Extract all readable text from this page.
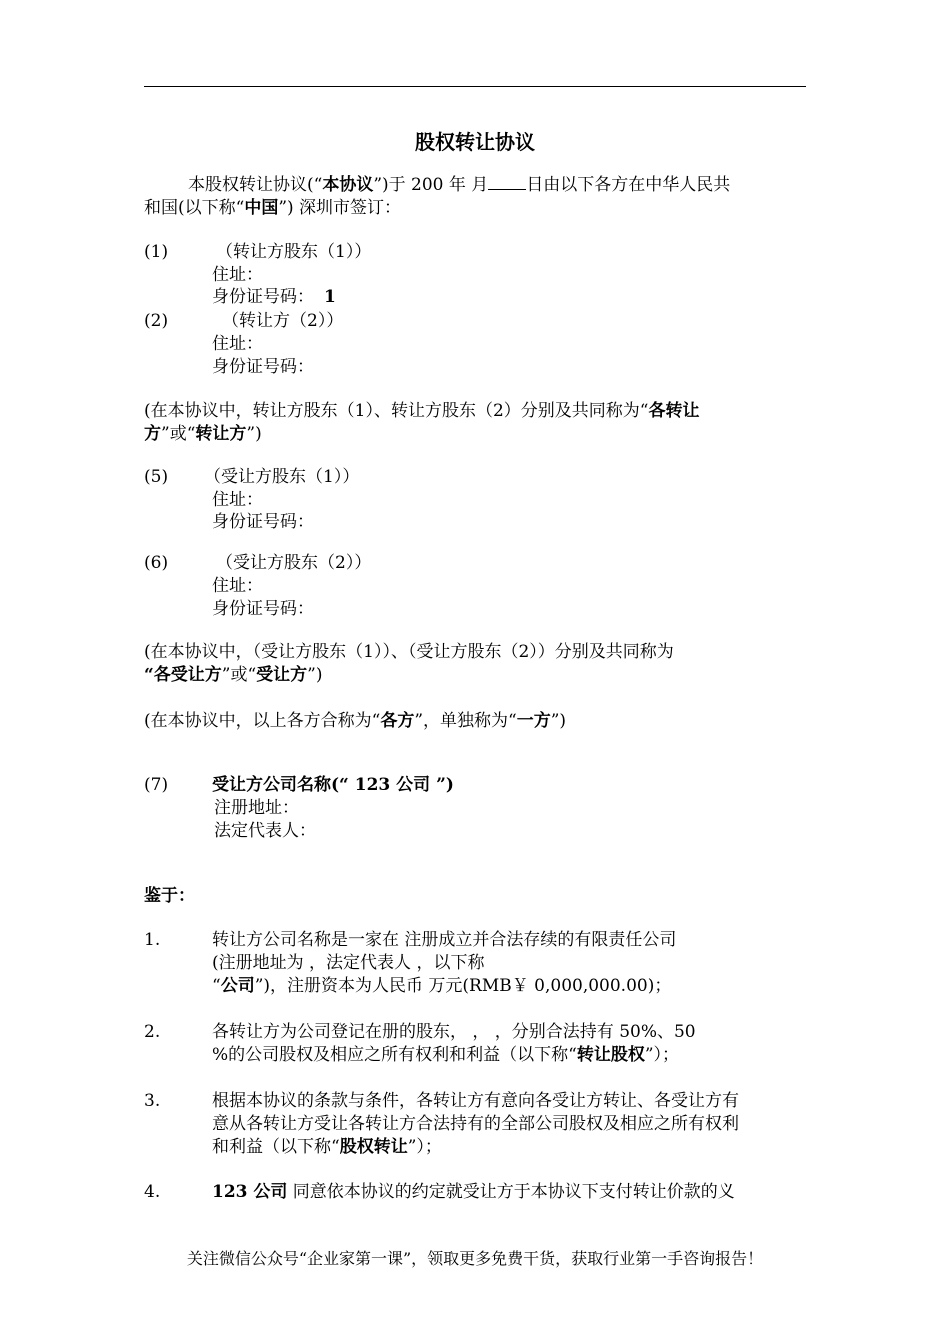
股权转让协议
本股权转让协议(“本协议”)于 200 年 月 日由以下各方在中华人民共
和国(以下称“中国”) 深圳市签订：
(1)	（转让方股东（1））
住址：
身份证号码： 1
(2)	（转让方（2））
住址：
身份证号码：
(在本协议中，转让方股东（1）、转让方股东（2）分别及共同称为“各转让
方”或“转让方”)
(5) （受让方股东（1））
住址：
身份证号码：
(6)	（受让方股东（2））
住址：
身份证号码：
(在本协议中，（受让方股东（1））、（受让方股东（2））分别及共同称为
“各受让方”或“受让方”)
(在本协议中，以上各方合称为“各方”，单独称为“一方”)
(7)	受让方公司名称(“ 123 公司 ”)
注册地址：
法定代表人：
鉴于：
1.	转让方公司名称是一家在 注册成立并合法存续的有限责任公司
(注册地址为 ，法定代表人 ，以下称
“公司”)，注册资本为人民币 万元(RMB￥ 0,000,000.00)；
2.	各转让方为公司登记在册的股东， ， ，分别合法持有 50%、50
%的公司股权及相应之所有权利和利益（以下称“转让股权”）；
3.	根据本协议的条款与条件，各转让方有意向各受让方转让、各受让方有
意从各转让方受让各转让方合法持有的全部公司股权及相应之所有权利
和利益（以下称“股权转让”）；
4.	123 公司 同意依本协议的约定就受让方于本协议下支付转让价款的义
关注微信公众号“企业家第一课”，领取更多免费干货，获取行业第一手咨询报告！
